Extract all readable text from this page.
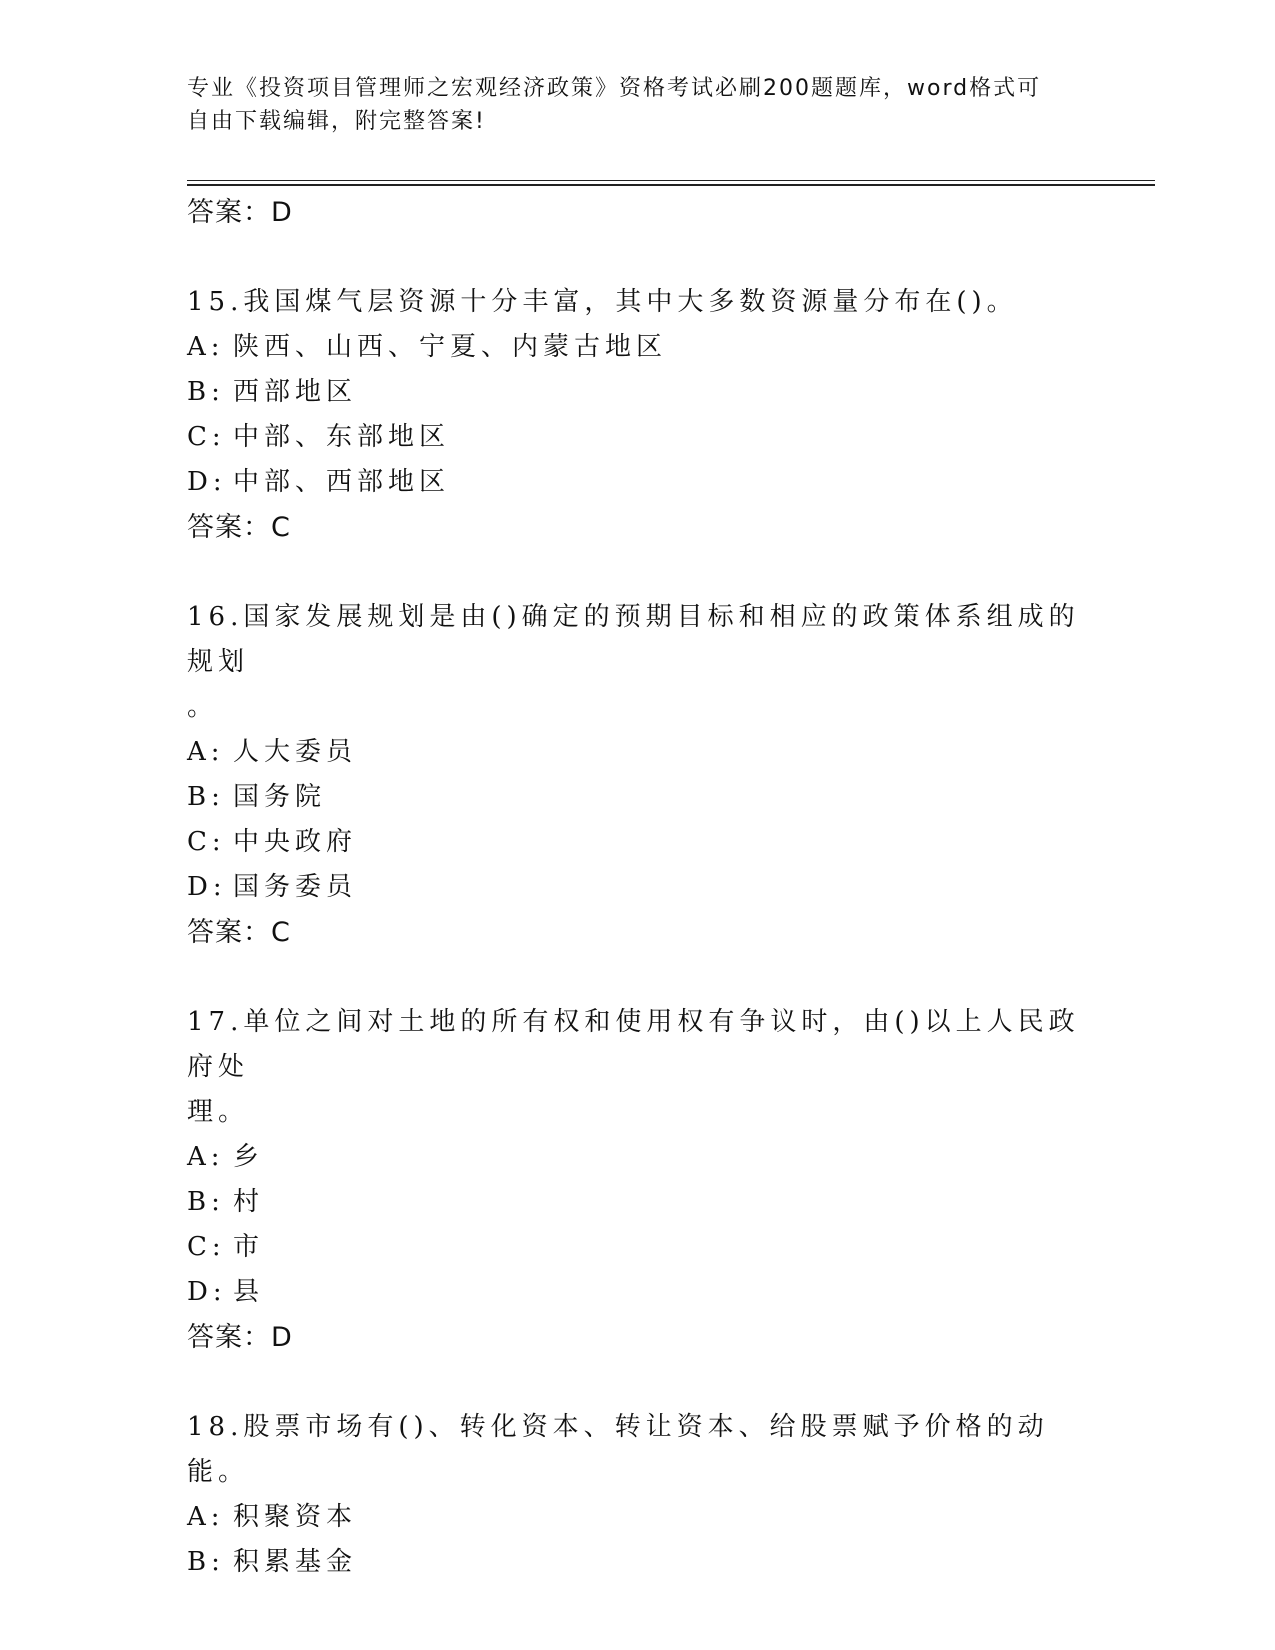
专业《投资项目管理师之宏观经济政策》资格考试必刷200题题库，word格式可
自由下载编辑，附完整答案!
答案：D
15.我国煤气层资源十分丰富，其中大多数资源量分布在()。
A: 陕西、山西、宁夏、内蒙古地区
B: 西部地区
C: 中部、东部地区
D: 中部、西部地区
答案：C
16.国家发展规划是由()确定的预期目标和相应的政策体系组成的规划
。
A: 人大委员
B: 国务院
C: 中央政府
D: 国务委员
答案：C
17.单位之间对土地的所有权和使用权有争议时，由()以上人民政府处
理。
A: 乡
B: 村
C: 市
D: 县
答案：D
18.股票市场有()、转化资本、转让资本、给股票赋予价格的动能。
A: 积聚资本
B: 积累基金
